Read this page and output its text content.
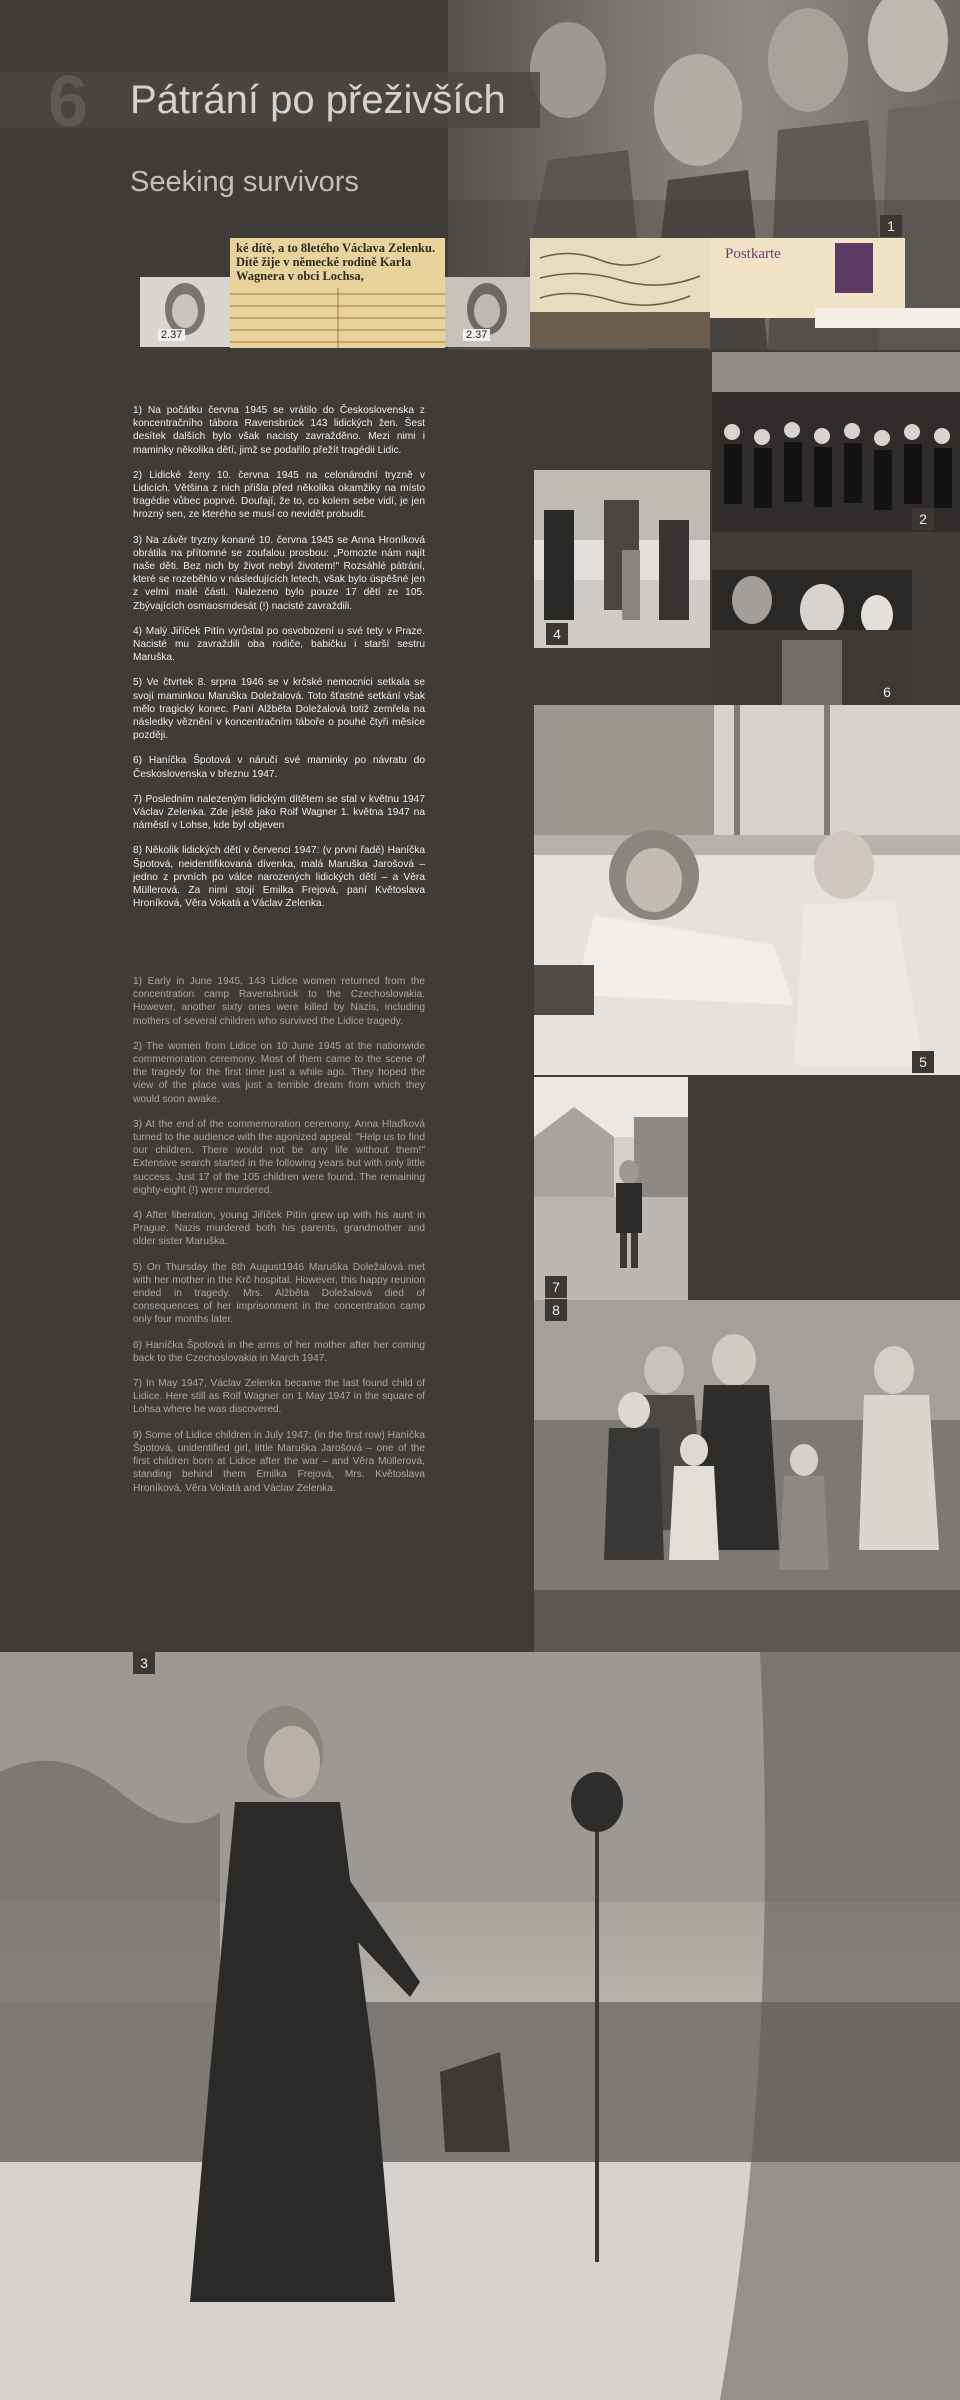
6 Pátrání po přeživších
Seeking survivors
2.37
ké dítě, a to 8letého Václava Zelenku. Dítě žije v německé rodině Karla Wagnera v obci Lochsa,
2.37
Postkarte
1
2
4
6
5
7
8

1) Na počátku června 1945 se vrátilo do Československa z koncentračního tábora Ravensbrück 143 lidických žen. Šest desítek dalších bylo však nacisty zavražděno. Mezi nimi i maminky několika dětí, jimž se podařilo přežít tragédii Lidic.

2) Lidické ženy 10. června 1945 na celonárodní tryzně v Lidicích. Většina z nich přišla před několika okamžiky na místo tragédie vůbec poprvé. Doufají, že to, co kolem sebe vidí, je jen hrozný sen, ze kterého se musí co nevidět probudit.

3) Na závěr tryzny konané 10. června 1945 se Anna Hroníková obrátila na přítomné se zoufalou prosbou: „Pomozte nám najít naše děti. Bez nich by život nebyl životem!" Rozsáhlé pátrání, které se rozeběhlo v následujících letech, však bylo úspěšné jen z velmi malé části. Nalezeno bylo pouze 17 dětí ze 105. Zbývajících osmaosmdesát (!) nacisté zavraždili.

4) Malý Jiříček Pitín vyrůstal po osvobození u své tety v Praze. Nacisté mu zavraždili oba rodiče, babičku i starší sestru Maruška.

5) Ve čtvrtek 8. srpna 1946 se v krčské nemocnici setkala se svojí maminkou Maruška Doležalová. Toto šťastné setkání však mělo tragický konec. Paní Alžběta Doležalová totiž zemřela na následky věznění v koncentračním táboře o pouhé čtyři měsíce později.

6) Haníčka Špotová v náručí své maminky po návratu do Československa v březnu 1947.

7) Posledním nalezeným lidickým dítětem se stal v květnu 1947 Václav Zelenka. Zde ještě jako Rolf Wagner 1. května 1947 na náměstí v Lohse, kde byl objeven

8) Několik lidických dětí v červenci 1947: (v první řadě) Haníčka Špotová, neidentifikovaná dívenka, malá Maruška Jarošová – jedno z prvních po válce narozených lidických dětí – a Věra Müllerová. Za nimi stojí Emilka Frejová, paní Květoslava Hroníková, Věra Vokatá a Václav Zelenka.

1) Early in June 1945, 143 Lidice women returned from the concentration camp Ravensbrück to the Czechoslovakia. However, another sixty ones were killed by Nazis, including mothers of several children who survived the Lidice tragedy.

2) The women from Lidice on 10 June 1945 at the nationwide commemoration ceremony. Most of them came to the scene of the tragedy for the first time just a while ago. They hoped the view of the place was just a terrible dream from which they would soon awake.

3) At the end of the commemoration ceremony, Anna Hlaďková turned to the audience with the agonized appeal: "Help us to find our children. There would not be any life without them!" Extensive search started in the following years but with only little success. Just 17 of the 105 children were found. The remaining eighty-eight (!) were murdered.

4) After liberation, young Jiříček Pitín grew up with his aunt in Prague. Nazis murdered both his parents, grandmother and older sister Maruška.

5) On Thursday the 8th August1946 Maruška Doležalová met with her mother in the Krč hospital. However, this happy reunion ended in tragedy. Mrs. Alžběta Doležalová died of consequences of her imprisonment in the concentration camp only four months later.

6) Haníčka Špotová in the arms of her mother after her coming back to the Czechoslovakia in March 1947.

7) In May 1947, Václav Zelenka became the last found child of Lidice. Here still as Rolf Wagner on 1 May 1947 in the square of Lohsa where he was discovered.

9) Some of Lidice children in July 1947: (in the first row) Haníčka Špotová, unidentified girl, little Maruška Jarošová – one of the first children born at Lidice after the war – and Věra Müllerová, standing behind them Emilka Frejová, Mrs. Květoslava Hroníková, Věra Vokatá and Václav Zelenka.

3
